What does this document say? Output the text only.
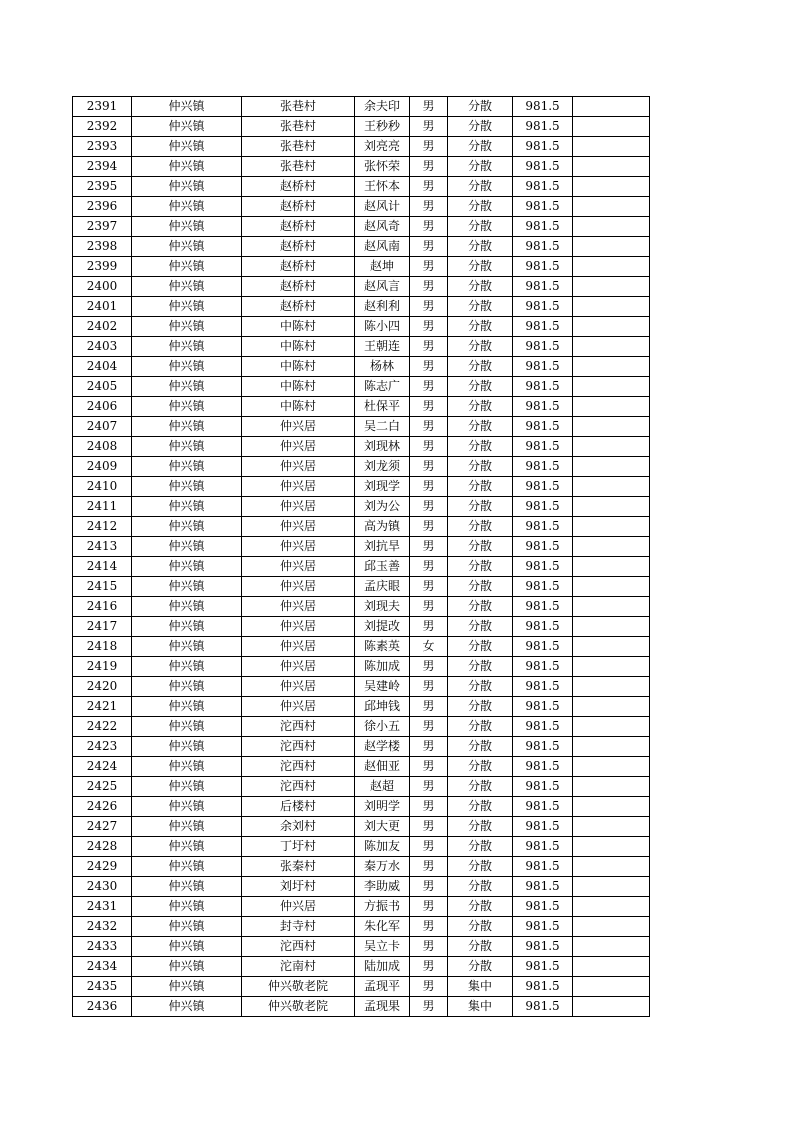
2391	仲兴镇	张巷村	余夫印	男	分散	981.5	
2392	仲兴镇	张巷村	王秒秒	男	分散	981.5	
2393	仲兴镇	张巷村	刘亮亮	男	分散	981.5	
2394	仲兴镇	张巷村	张怀荣	男	分散	981.5	
2395	仲兴镇	赵桥村	王怀本	男	分散	981.5	
2396	仲兴镇	赵桥村	赵风计	男	分散	981.5	
2397	仲兴镇	赵桥村	赵风奇	男	分散	981.5	
2398	仲兴镇	赵桥村	赵风南	男	分散	981.5	
2399	仲兴镇	赵桥村	赵坤	男	分散	981.5	
2400	仲兴镇	赵桥村	赵风言	男	分散	981.5	
2401	仲兴镇	赵桥村	赵利利	男	分散	981.5	
2402	仲兴镇	中陈村	陈小四	男	分散	981.5	
2403	仲兴镇	中陈村	王朝连	男	分散	981.5	
2404	仲兴镇	中陈村	杨林	男	分散	981.5	
2405	仲兴镇	中陈村	陈志广	男	分散	981.5	
2406	仲兴镇	中陈村	杜保平	男	分散	981.5	
2407	仲兴镇	仲兴居	吴二白	男	分散	981.5	
2408	仲兴镇	仲兴居	刘现林	男	分散	981.5	
2409	仲兴镇	仲兴居	刘龙须	男	分散	981.5	
2410	仲兴镇	仲兴居	刘现学	男	分散	981.5	
2411	仲兴镇	仲兴居	刘为公	男	分散	981.5	
2412	仲兴镇	仲兴居	高为镇	男	分散	981.5	
2413	仲兴镇	仲兴居	刘抗旱	男	分散	981.5	
2414	仲兴镇	仲兴居	邱玉善	男	分散	981.5	
2415	仲兴镇	仲兴居	孟庆眼	男	分散	981.5	
2416	仲兴镇	仲兴居	刘现夫	男	分散	981.5	
2417	仲兴镇	仲兴居	刘提改	男	分散	981.5	
2418	仲兴镇	仲兴居	陈素英	女	分散	981.5	
2419	仲兴镇	仲兴居	陈加成	男	分散	981.5	
2420	仲兴镇	仲兴居	吴建岭	男	分散	981.5	
2421	仲兴镇	仲兴居	邱坤钱	男	分散	981.5	
2422	仲兴镇	沱西村	徐小五	男	分散	981.5	
2423	仲兴镇	沱西村	赵学楼	男	分散	981.5	
2424	仲兴镇	沱西村	赵佃亚	男	分散	981.5	
2425	仲兴镇	沱西村	赵超	男	分散	981.5	
2426	仲兴镇	后楼村	刘明学	男	分散	981.5	
2427	仲兴镇	余刘村	刘大更	男	分散	981.5	
2428	仲兴镇	丁圩村	陈加友	男	分散	981.5	
2429	仲兴镇	张秦村	秦万水	男	分散	981.5	
2430	仲兴镇	刘圩村	李助威	男	分散	981.5	
2431	仲兴镇	仲兴居	方振书	男	分散	981.5	
2432	仲兴镇	封寺村	朱化军	男	分散	981.5	
2433	仲兴镇	沱西村	吴立卡	男	分散	981.5	
2434	仲兴镇	沱南村	陆加成	男	分散	981.5	
2435	仲兴镇	仲兴敬老院	孟现平	男	集中	981.5	
2436	仲兴镇	仲兴敬老院	孟现果	男	集中	981.5	
